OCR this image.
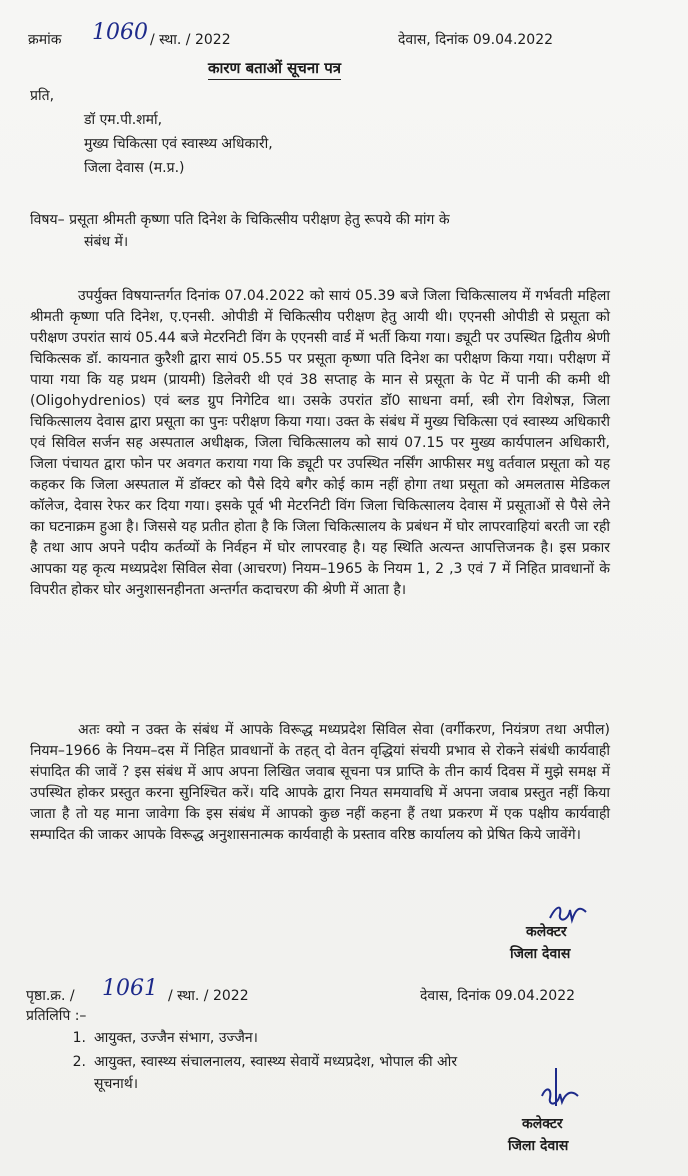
क्रमांक 1060 / स्था. / 2022	देवास, दिनांक 09.04.2022
कारण बताओं सूचना पत्र
प्रति,
डॉ एम.पी.शर्मा,
मुख्य चिकित्सा एवं स्वास्थ्य अधिकारी,
जिला देवास (म.प्र.)
विषय– प्रसूता श्रीमती कृष्णा पति दिनेश के चिकित्सीय परीक्षण हेतु रूपये की मांग के
संबंध में।
उपर्युक्त विषयान्तर्गत दिनांक 07.04.2022 को सायं 05.39 बजे जिला चिकित्सालय में गर्भवती महिला श्रीमती कृष्णा पति दिनेश, ए.एनसी. ओपीडी में चिकित्सीय परीक्षण हेतु आयी थी। एएनसी ओपीडी से प्रसूता को परीक्षण उपरांत सायं 05.44 बजे मेटरनिटी विंग के एएनसी वार्ड में भर्ती किया गया। ड्यूटी पर उपस्थित द्वितीय श्रेणी चिकित्सक डॉ. कायनात कुरैशी द्वारा सायं 05.55 पर प्रसूता कृष्णा पति दिनेश का परीक्षण किया गया। परीक्षण में पाया गया कि यह प्रथम (प्रायमी) डिलेवरी थी एवं 38 सप्ताह के मान से प्रसूता के पेट में पानी की कमी थी (Oligohydrenios) एवं ब्लड ग्रुप निगेटिव था। उसके उपरांत डॉ0 साधना वर्मा, स्त्री रोग विशेषज्ञ, जिला चिकित्सालय देवास द्वारा प्रसूता का पुनः परीक्षण किया गया। उक्त के संबंध में मुख्य चिकित्सा एवं स्वास्थ्य अधिकारी एवं सिविल सर्जन सह अस्पताल अधीक्षक, जिला चिकित्सालय को सायं 07.15 पर मुख्य कार्यपालन अधिकारी, जिला पंचायत द्वारा फोन पर अवगत कराया गया कि ड्यूटी पर उपस्थित नर्सिंग आफीसर मधु वर्तवाल प्रसूता को यह कहकर कि जिला अस्पताल में डॉक्टर को पैसे दिये बगैर कोई काम नहीं होगा तथा प्रसूता को अमलतास मेडिकल कॉलेज, देवास रेफर कर दिया गया। इसके पूर्व भी मेटरनिटी विंग जिला चिकित्सालय देवास में प्रसूताओं से पैसे लेने का घटनाक्रम हुआ है। जिससे यह प्रतीत होता है कि जिला चिकित्सालय के प्रबंधन में घोर लापरवाहियां बरती जा रही है तथा आप अपने पदीय कर्तव्यों के निर्वहन में घोर लापरवाह है। यह स्थिति अत्यन्त आपत्तिजनक है। इस प्रकार आपका यह कृत्य मध्यप्रदेश सिविल सेवा (आचरण) नियम–1965 के नियम 1, 2 ,3 एवं 7 में निहित प्रावधानों के विपरीत होकर घोर अनुशासनहीनता अन्तर्गत कदाचरण की श्रेणी में आता है।
अतः क्यो न उक्त के संबंध में आपके विरूद्ध मध्यप्रदेश सिविल सेवा (वर्गीकरण, नियंत्रण तथा अपील) नियम–1966 के नियम–दस में निहित प्रावधानों के तहत् दो वेतन वृद्धियां संचयी प्रभाव से रोकने संबंधी कार्यवाही संपादित की जावें ? इस संबंध में आप अपना लिखित जवाब सूचना पत्र प्राप्ति के तीन कार्य दिवस में मुझे समक्ष में उपस्थित होकर प्रस्तुत करना सुनिश्चित करें। यदि आपके द्वारा नियत समयावधि में अपना जवाब प्रस्तुत नहीं किया जाता है तो यह माना जावेगा कि इस संबंध में आपको कुछ नहीं कहना हैं तथा प्रकरण में एक पक्षीय कार्यवाही सम्पादित की जाकर आपके विरूद्ध अनुशासनात्मक कार्यवाही के प्रस्ताव वरिष्ठ कार्यालय को प्रेषित किये जावेंगे।
कलेक्टर
जिला देवास
पृष्ठा.क्र. / 1061 / स्था. / 2022	देवास, दिनांक 09.04.2022
प्रतिलिपि :–
1. आयुक्त, उज्जैन संभाग, उज्जैन।
2. आयुक्त, स्वास्थ्य संचालनालय, स्वास्थ्य सेवायें मध्यप्रदेश, भोपाल की ओर
सूचनार्थ।
कलेक्टर
जिला देवास
